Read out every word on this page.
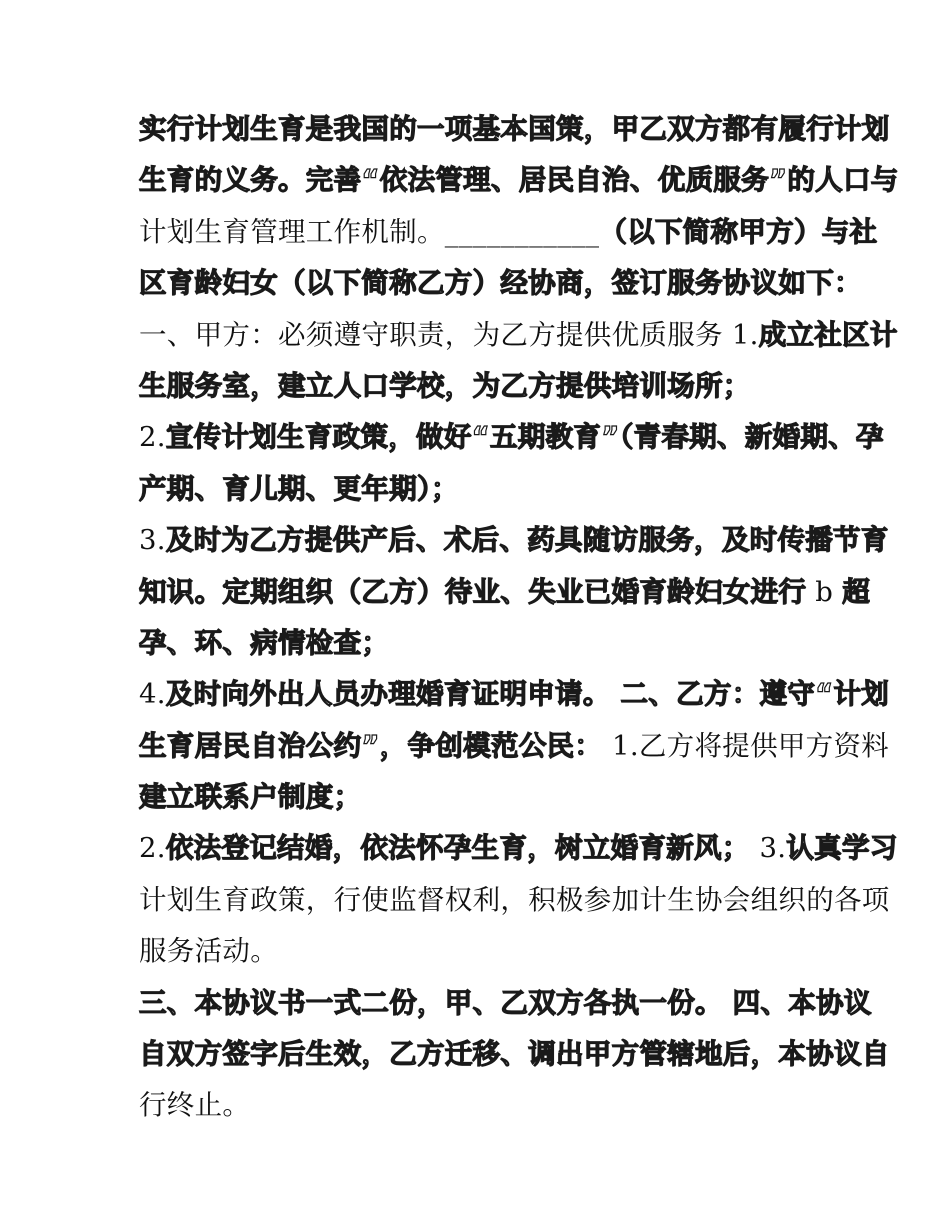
实行计划生育是我国的一项基本国策，甲乙双方都有履行计划
生育的义务。完善“依法管理、居民自治、优质服务”的人口与
计划生育管理工作机制。___________（以下简称甲方）与社
区育龄妇女（以下简称乙方）经协商，签订服务协议如下：
一、甲方：必须遵守职责，为乙方提供优质服务 1.成立社区计
生服务室，建立人口学校，为乙方提供培训场所；
2.宣传计划生育政策，做好“五期教育”（青春期、新婚期、孕
产期、育儿期、更年期）；
3.及时为乙方提供产后、术后、药具随访服务，及时传播节育
知识。定期组织（乙方）待业、失业已婚育龄妇女进行 b 超
孕、环、病情检查；
4.及时向外出人员办理婚育证明申请。 二、乙方：遵守“计划
生育居民自治公约”，争创模范公民： 1.乙方将提供甲方资料
建立联系户制度；
2.依法登记结婚，依法怀孕生育，树立婚育新风； 3.认真学习
计划生育政策，行使监督权利，积极参加计生协会组织的各项
服务活动。
三、本协议书一式二份，甲、乙双方各执一份。 四、本协议
自双方签字后生效，乙方迁移、调出甲方管辖地后，本协议自
行终止。
